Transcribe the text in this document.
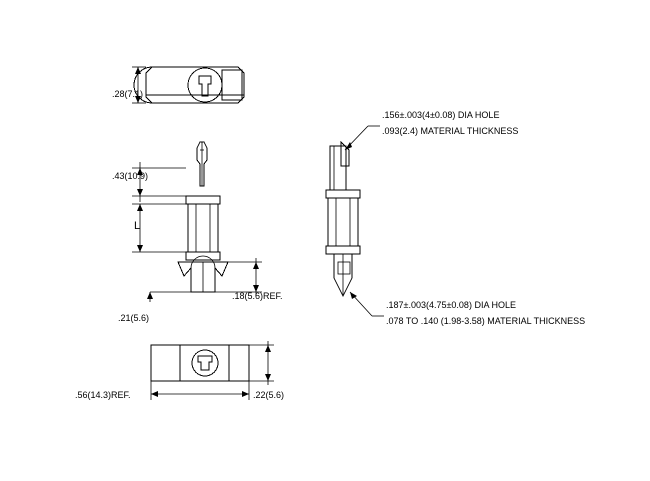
.28(7.1)
.43(10.9)
L
.18(5.6)REF.
.21(5.6)
.56(14.3)REF.	.22(5.6)
.156±.003(4±0.08) DIA HOLE
.093(2.4) MATERIAL THICKNESS
.187±.003(4.75±0.08) DIA HOLE
.078 TO .140 (1.98-3.58) MATERIAL THICKNESS
